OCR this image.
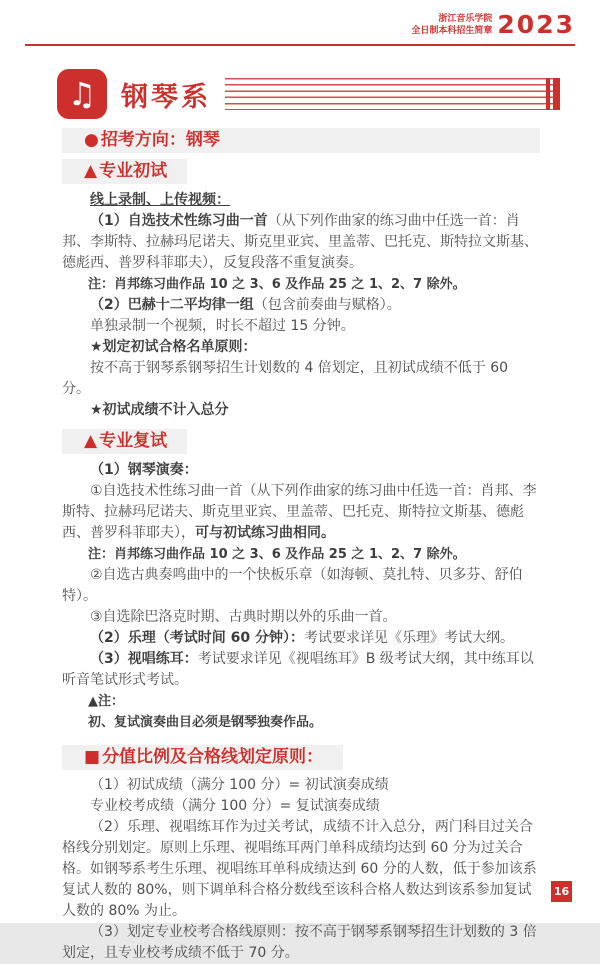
浙江音乐学院
全日制本科招生简章 2023
♫ 钢琴系
● 招考方向：钢琴
▲ 专业初试

线上录制、上传视频：

（1）自选技术性练习曲一首（从下列作曲家的练习曲中任选一首：肖邦、李斯特、拉赫玛尼诺夫、斯克里亚宾、里盖蒂、巴托克、斯特拉文斯基、德彪西、普罗科菲耶夫），反复段落不重复演奏。

注：肖邦练习曲作品 10 之 3、6 及作品 25 之 1、2、7 除外。

（2）巴赫十二平均律一组（包含前奏曲与赋格）。

单独录制一个视频，时长不超过 15 分钟。

★划定初试合格名单原则：

按不高于钢琴系钢琴招生计划数的 4 倍划定，且初试成绩不低于 60 分。

★初试成绩不计入总分

▲ 专业复试

（1）钢琴演奏：

①自选技术性练习曲一首（从下列作曲家的练习曲中任选一首：肖邦、李斯特、拉赫玛尼诺夫、斯克里亚宾、里盖蒂、巴托克、斯特拉文斯基、德彪西、普罗科菲耶夫），可与初试练习曲相同。

注：肖邦练习曲作品 10 之 3、6 及作品 25 之 1、2、7 除外。

②自选古典奏鸣曲中的一个快板乐章（如海顿、莫扎特、贝多芬、舒伯特）。

③自选除巴洛克时期、古典时期以外的乐曲一首。

（2）乐理（考试时间 60 分钟）：考试要求详见《乐理》考试大纲。

（3）视唱练耳：考试要求详见《视唱练耳》B 级考试大纲，其中练耳以听音笔试形式考试。

▲注：

初、复试演奏曲目必须是钢琴独奏作品。

■ 分值比例及合格线划定原则：

（1）初试成绩（满分 100 分）= 初试演奏成绩

专业校考成绩（满分 100 分）= 复试演奏成绩

（2）乐理、视唱练耳作为过关考试，成绩不计入总分，两门科目过关合格线分别划定。原则上乐理、视唱练耳两门单科成绩均达到 60 分为过关合格。如钢琴系考生乐理、视唱练耳单科成绩达到 60 分的人数，低于参加该系复试人数的 80%，则下调单科合格分数线至该科合格人数达到该系参加复试人数的 80% 为止。

（3）划定专业校考合格线原则：按不高于钢琴系钢琴招生计划数的 3 倍划定，且专业校考成绩不低于 70 分。

16
